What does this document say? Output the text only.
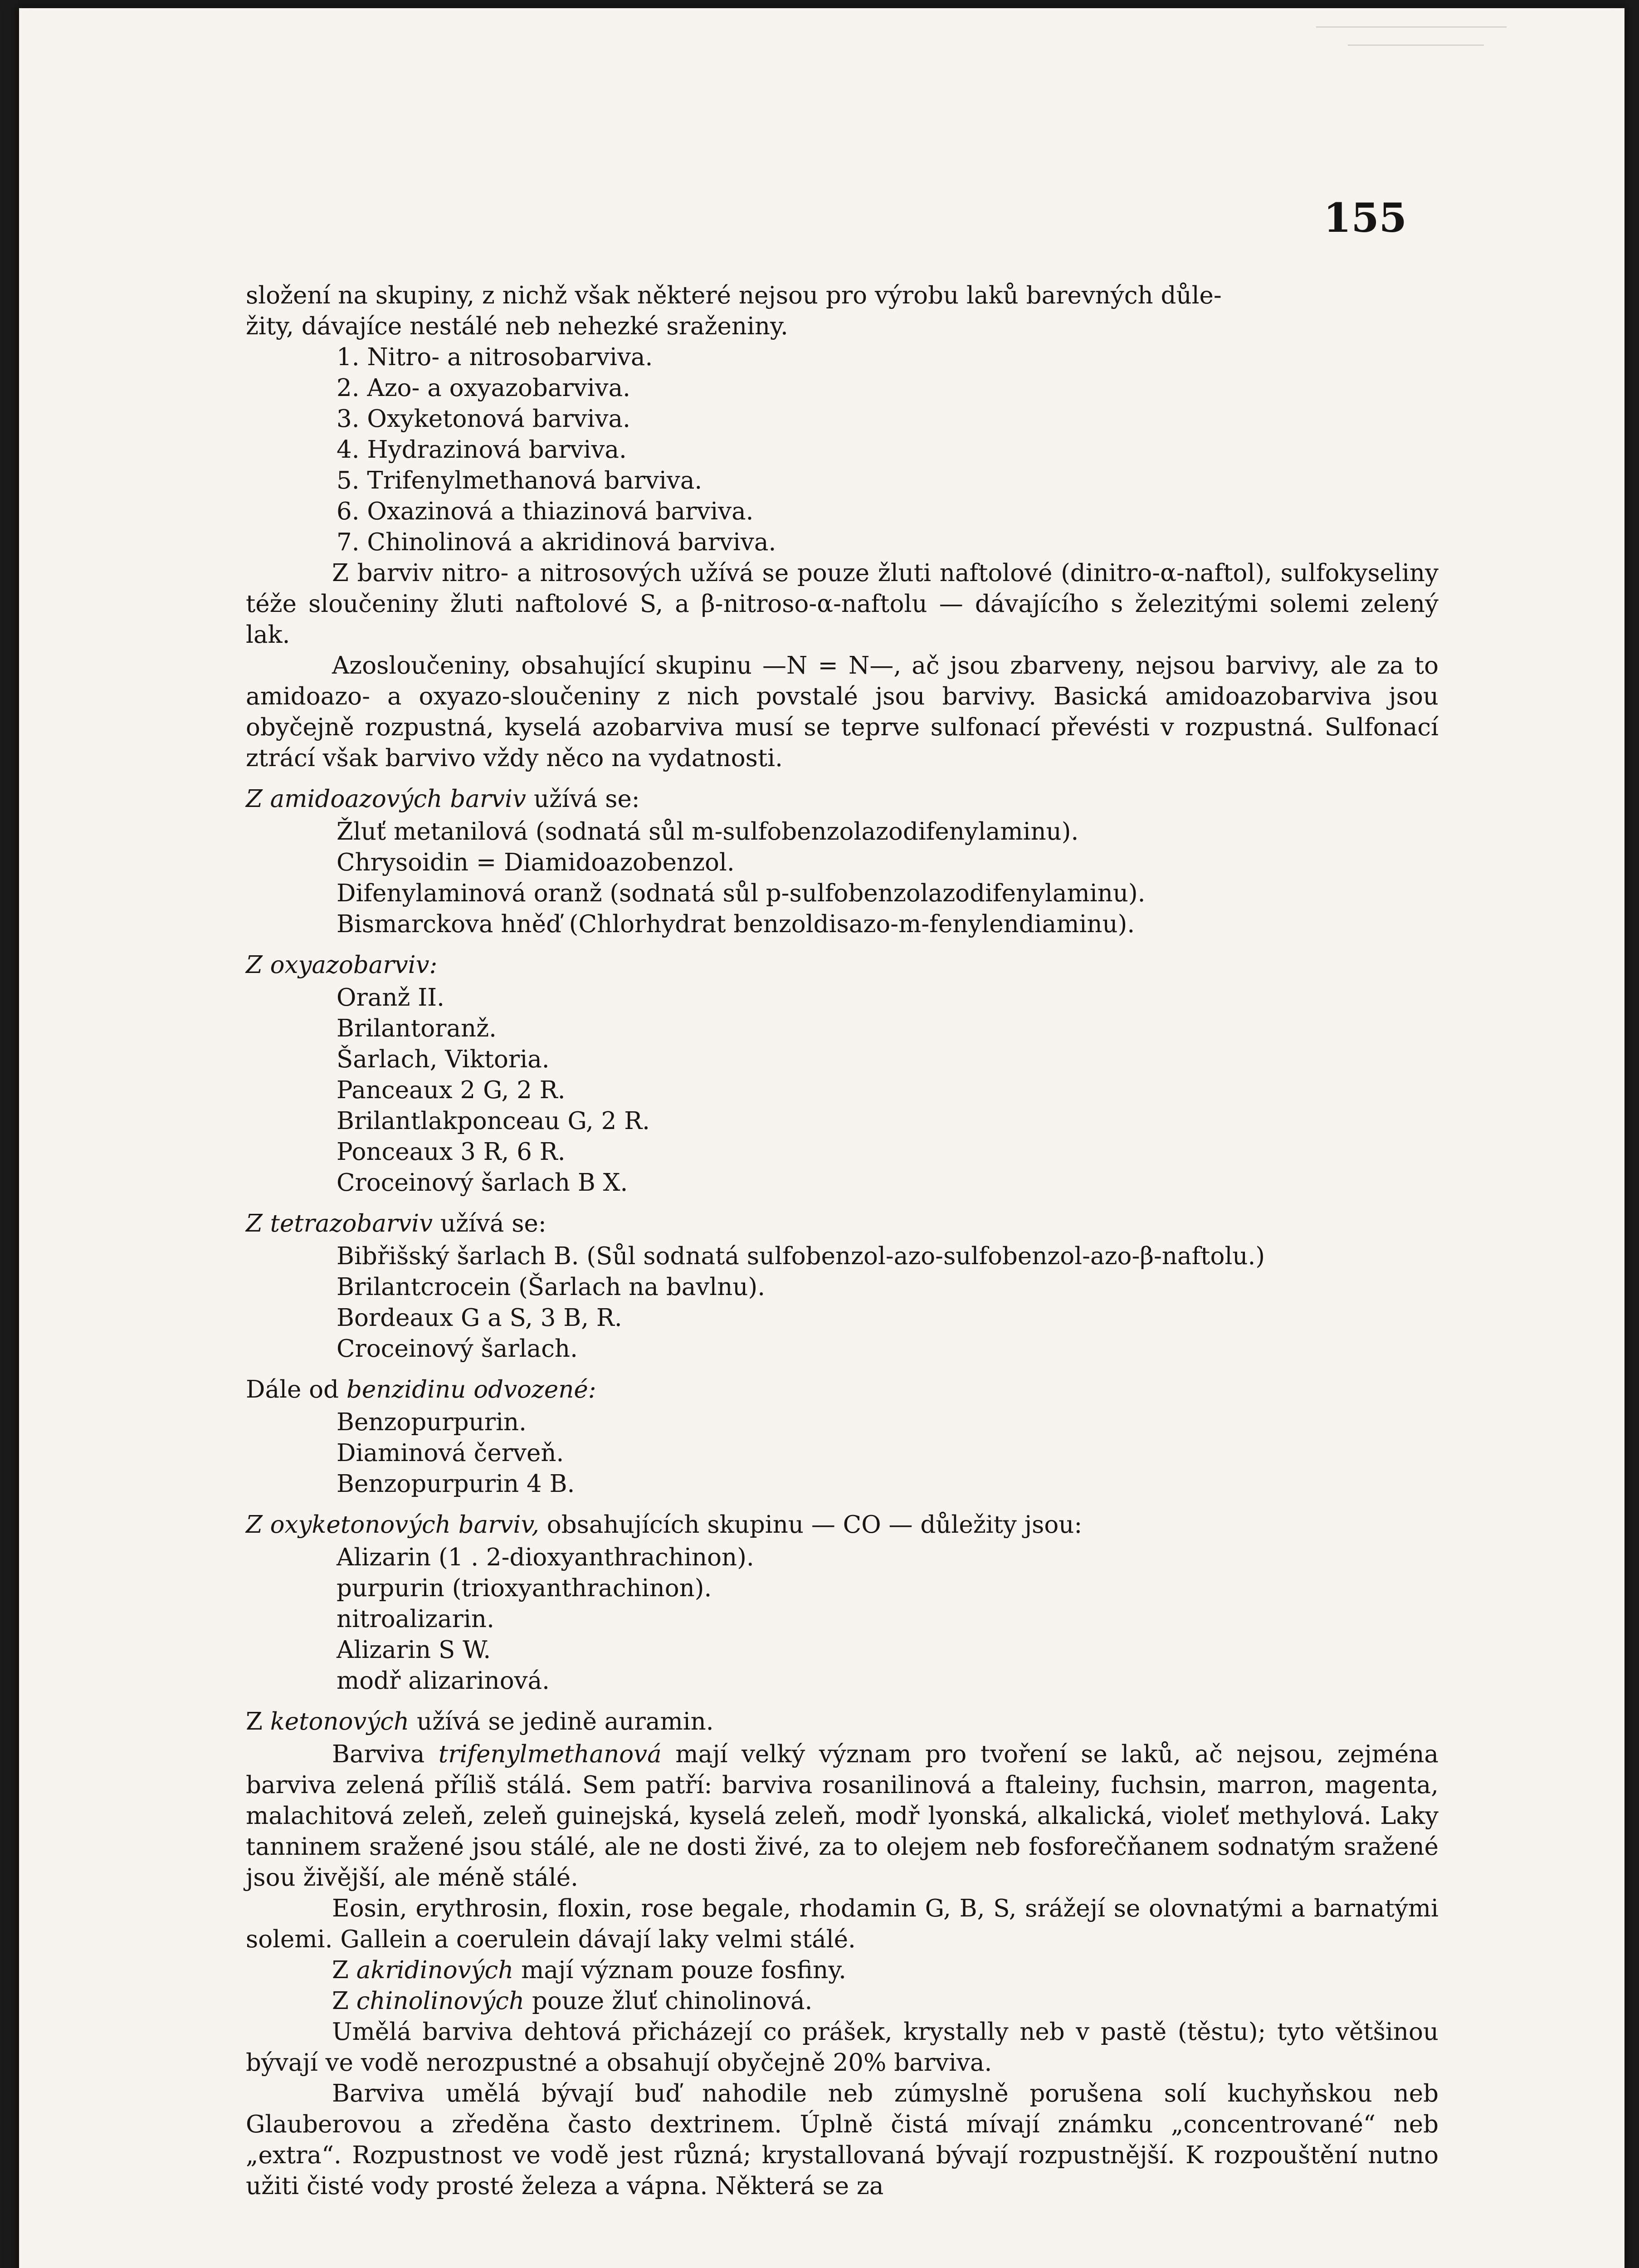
155

složení na skupiny, z nichž však některé nejsou pro výrobu laků barevných důle-

žity, dávajíce nestálé neb nehezké sraženiny.

1. Nitro- a nitrosobarviva.
2. Azo- a oxyazobarviva.
3. Oxyketonová barviva.
4. Hydrazinová barviva.
5. Trifenylmethanová barviva.
6. Oxazinová a thiazinová barviva.
7. Chinolinová a akridinová barviva.

Z barviv nitro- a nitrosových užívá se pouze žluti naftolové (dinitro-α-naftol), sulfokyseliny téže sloučeniny žluti naftolové S, a β-nitroso-α-naftolu — dávajícího s železitými solemi zelený lak.

Azosloučeniny, obsahující skupinu —N = N—, ač jsou zbarveny, nejsou barvivy, ale za to amidoazo- a oxyazo-sloučeniny z nich povstalé jsou barvivy. Basická amidoazobarviva jsou obyčejně rozpustná, kyselá azobarviva musí se teprve sulfonací převésti v rozpustná. Sulfonací ztrácí však barvivo vždy něco na vydatnosti.

Z amidoazových barviv užívá se:
Žluť metanilová (sodnatá sůl m-sulfobenzolazodifenylaminu).
Chrysoidin = Diamidoazobenzol.
Difenylaminová oranž (sodnatá sůl p-sulfobenzolazodifenylaminu).
Bismarckova hněď (Chlorhydrat benzoldisazo-m-fenylendiaminu).
Z oxyazobarviv:
Oranž II.
Brilantoranž.
Šarlach, Viktoria.
Panceaux 2 G, 2 R.
Brilantlakponceau G, 2 R.
Ponceaux 3 R, 6 R.
Croceinový šarlach B X.
Z tetrazobarviv užívá se:
Bibřišský šarlach B. (Sůl sodnatá sulfobenzol-azo-sulfobenzol-azo-β-naftolu.)
Brilantcrocein (Šarlach na bavlnu).
Bordeaux G a S, 3 B, R.
Croceinový šarlach.
Dále od benzidinu odvozené:
Benzopurpurin.
Diaminová červeň.
Benzopurpurin 4 B.
Z oxyketonových barviv, obsahujících skupinu — CO — důležity jsou:
Alizarin (1 . 2-dioxyanthrachinon).
purpurin (trioxyanthrachinon).
nitroalizarin.
Alizarin S W.
modř alizarinová.
Z ketonových užívá se jedině auramin.

Barviva trifenylmethanová mají velký význam pro tvoření se laků, ač nejsou, zejména barviva zelená příliš stálá. Sem patří: barviva rosanilinová a ftaleiny, fuchsin, marron, magenta, malachitová zeleň, zeleň guinejská, kyselá zeleň, modř lyonská, alkalická, violeť methylová. Laky tanninem sražené jsou stálé, ale ne dosti živé, za to olejem neb fosforečňanem sodnatým sražené jsou živější, ale méně stálé.

Eosin, erythrosin, floxin, rose begale, rhodamin G, B, S, srážejí se olovnatými a barnatými solemi. Gallein a coerulein dávají laky velmi stálé.

Z akridinových mají význam pouze fosfiny.

Z chinolinových pouze žluť chinolinová.

Umělá barviva dehtová přicházejí co prášek, krystally neb v pastě (těstu); tyto většinou bývají ve vodě nerozpustné a obsahují obyčejně 20% barviva.

Barviva umělá bývají buď nahodile neb zúmyslně porušena solí kuchyňskou neb Glauberovou a zředěna často dextrinem. Úplně čistá mívají známku „concentrované“ neb „extra“. Rozpustnost ve vodě jest různá; krystallovaná bývají rozpustnější. K rozpouštění nutno užiti čisté vody prosté železa a vápna. Některá se za
